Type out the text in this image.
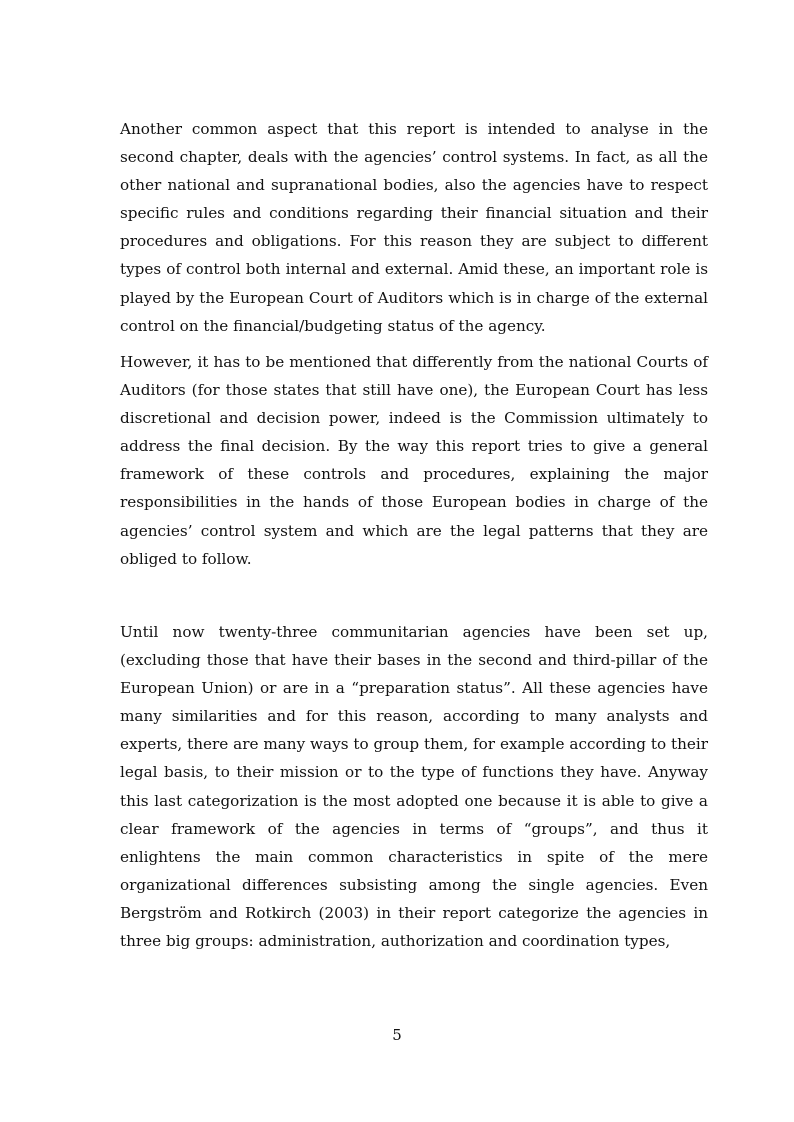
Another common aspect that this report is intended to analyse in the second chapter, deals with the agencies’ control systems. In fact, as all the other national and supranational bodies, also the agencies have to respect specific rules and conditions regarding their financial situation and their procedures and obligations. For this reason they are subject to different types of control both internal and external. Amid these, an important role is played by the European Court of Auditors which is in charge of the external control on the financial/budgeting status of the agency.

However, it has to be mentioned that differently from the national Courts of Auditors (for those states that still have one), the European Court has less discretional and decision power, indeed is the Commission ultimately to address the final decision. By the way this report tries to give a general framework of these controls and procedures, explaining the major responsibilities in the hands of those European bodies in charge of the agencies’ control system and which are the legal patterns that they are obliged to follow.

Until now twenty-three communitarian agencies have been set up, (excluding those that have their bases in the second and third-pillar of the European Union) or are in a “preparation status”. All these agencies have many similarities and for this reason, according to many analysts and experts, there are many ways to group them, for example according to their legal basis, to their mission or to the type of functions they have. Anyway this last categorization is the most adopted one because it is able to give a clear framework of the agencies in terms of “groups”, and thus it enlightens the main common characteristics in spite of the mere organizational differences subsisting among the single agencies. Even Bergström and Rotkirch (2003) in their report categorize the agencies in three big groups: administration, authorization and coordination types,

5
